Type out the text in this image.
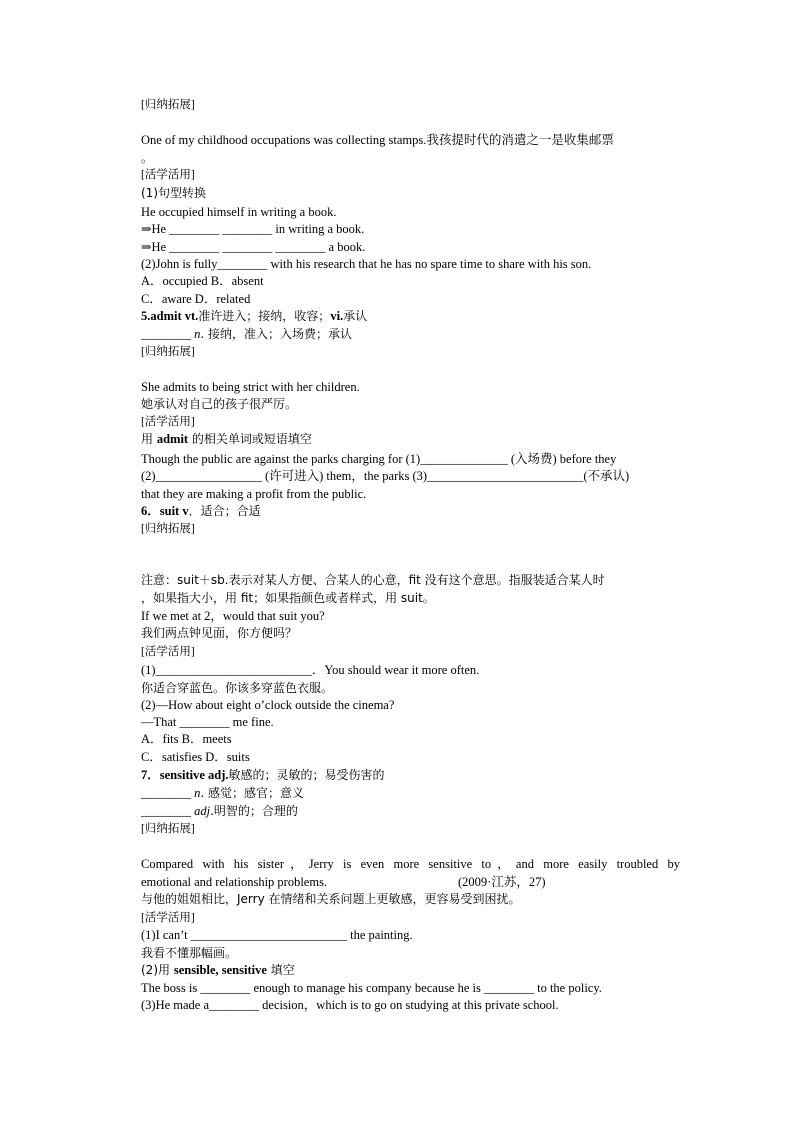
[归纳拓展]
One of my childhood occupations was collecting stamps.我孩提时代的消遣之一是收集邮票
。
[活学活用]
(1)句型转换
He occupied himself in writing a book.
⇒He ________ ________ in writing a book.
⇒He ________ ________ ________ a book.
(2)John is fully________ with his research that he has no spare time to share with his son.
A．occupied B．absent
C．aware D．related
5.admit vt.准许进入；接纳，收容；vi.承认
________ n. 接纳，准入；入场费；承认
[归纳拓展]
She admits to being strict with her children.
她承认对自己的孩子很严厉。
[活学活用]
用 admit 的相关单词或短语填空
Though the public are against the parks charging for (1)______________ (入场费) before they
(2)_________________ (许可进入) them，the parks (3)_________________________(不承认)
that they are making a profit from the public.
6．suit v．适合；合适
[归纳拓展]
注意：suit＋sb.表示对某人方便、合某人的心意，fit 没有这个意思。指服装适合某人时
，如果指大小，用 fit；如果指颜色或者样式，用 suit。
If we met at 2，would that suit you?
我们两点钟见面，你方便吗？
[活学活用]
(1)_________________________．You should wear it more often.
你适合穿蓝色。你该多穿蓝色衣服。
(2)—How about eight o’clock outside the cinema?
—That ________ me fine.
A．fits B．meets
C．satisfies D．suits
7．sensitive adj.敏感的；灵敏的；易受伤害的
________ n. 感觉；感官；意义
________ adj.明智的；合理的
[归纳拓展]
Compared with his sister，Jerry is even more sensitive to，and more easily troubled by
emotional and relationship problems.	(2009·江苏，27)
与他的姐姐相比，Jerry 在情绪和关系问题上更敏感，更容易受到困扰。
[活学活用]
(1)I can’t _________________________ the painting.
我看不懂那幅画。
(2)用 sensible, sensitive 填空
The boss is ________ enough to manage his company because he is ________ to the policy.
(3)He made a________ decision，which is to go on studying at this private school.
